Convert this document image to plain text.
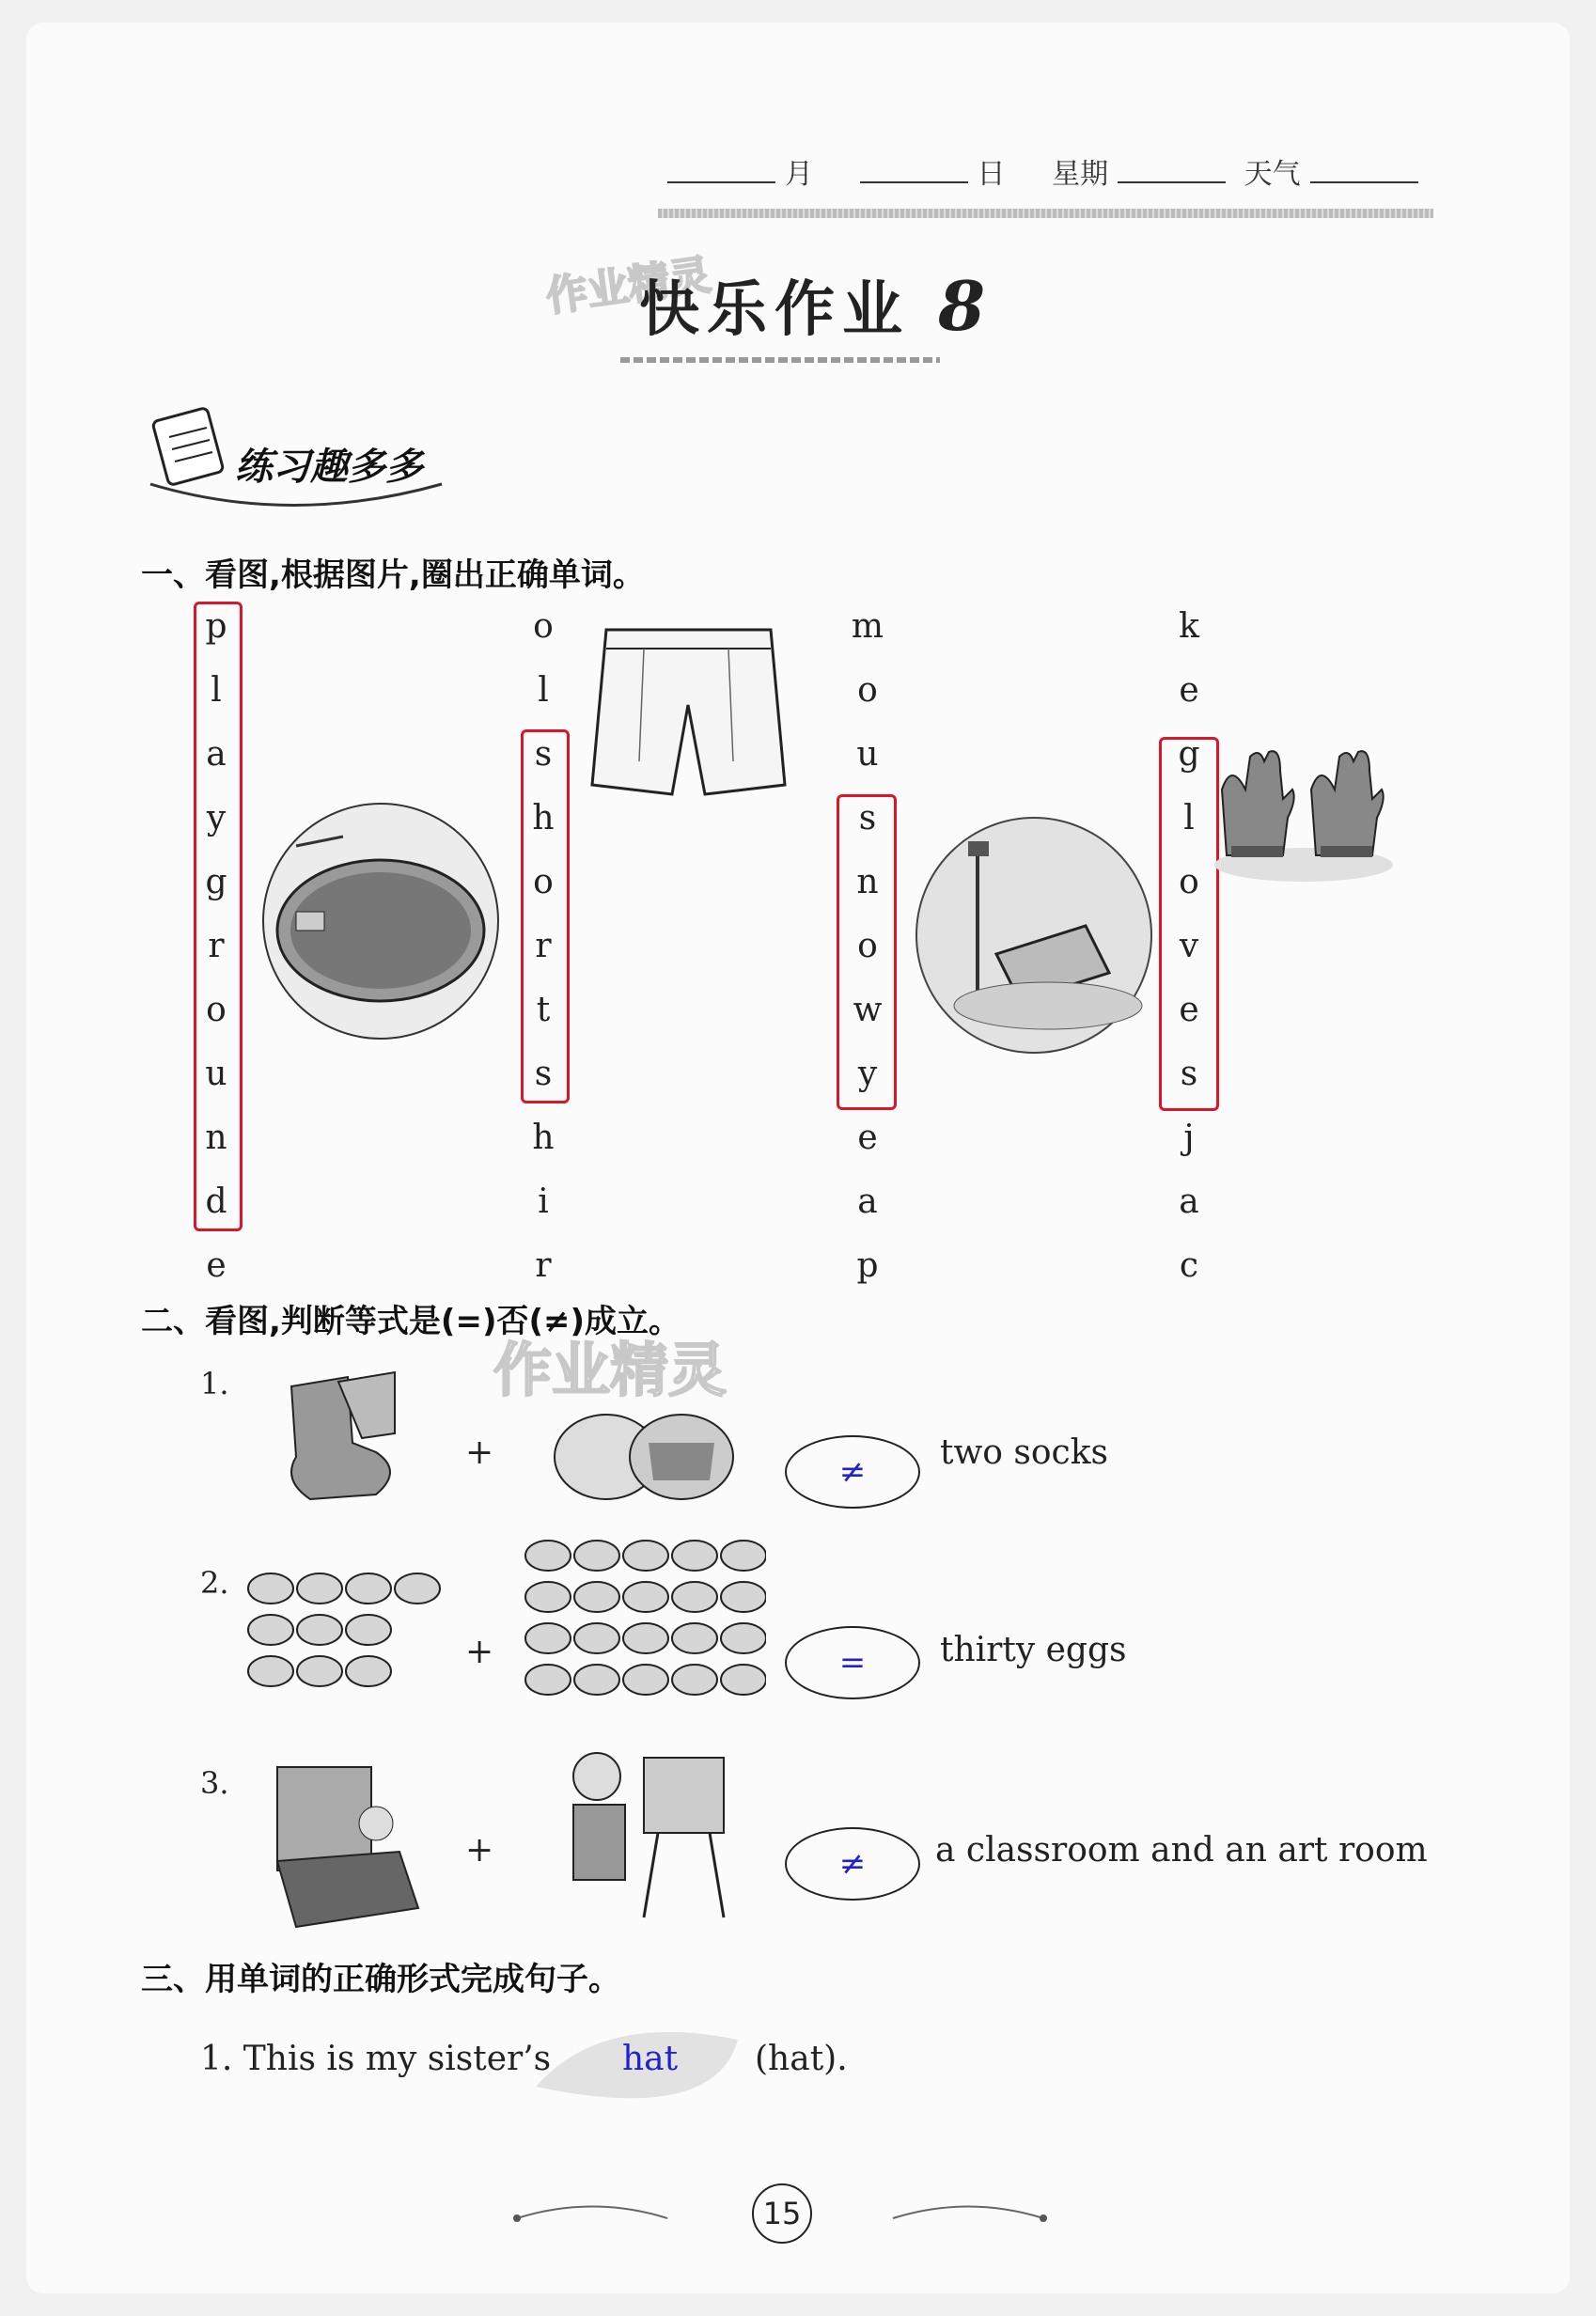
月	日 星期	天气
作业精灵
快乐作业 8
练习趣多多
一、看图,根据图片,圈出正确单词。
p
l
a
y
g
r
o
u
n
d
e
o
l
s
h
o
r
t
s
h
i
r
m
o
u
s
n
o
w
y
e
a
p
k
e
g
l
o
v
e
s
j
a
c
二、看图,判断等式是(=)否(≠)成立。
作业精灵
1.
+	≠	two socks
2.
+	=	thirty eggs
3.
+	≠	a classroom and an art room
三、用单词的正确形式完成句子。
1. This is my sister’s hat (hat).
15
